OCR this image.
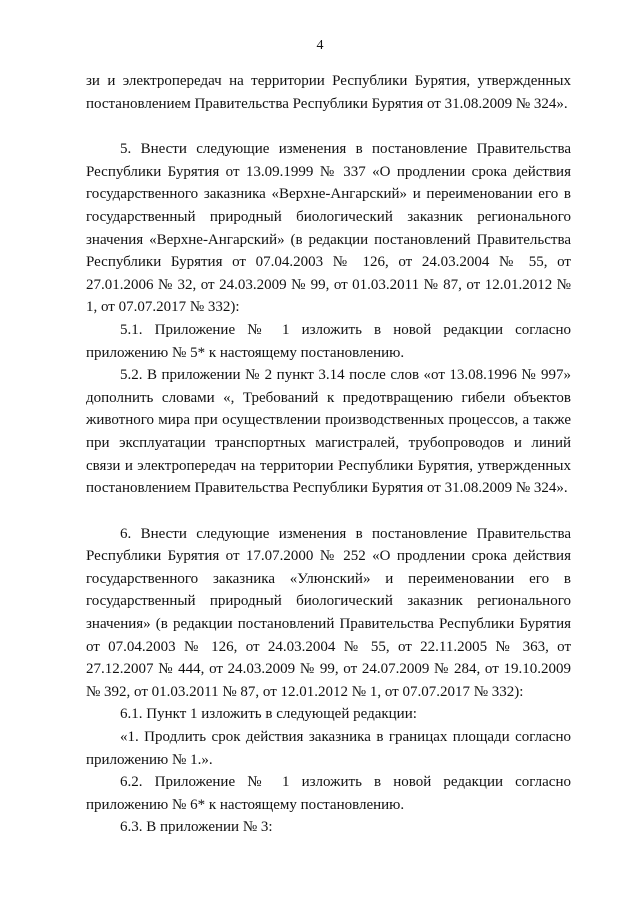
4

зи и электропередач на территории Республики Бурятия, утвержденных постановлением Правительства Республики Бурятия от 31.08.2009 № 324».

5. Внести следующие изменения в постановление Правительства Республики Бурятия от 13.09.1999 № 337 «О продлении срока действия государственного заказника «Верхне-Ангарский» и переименовании его в государственный природный биологический заказник регионального значения «Верхне-Ангарский» (в редакции постановлений Правительства Республики Бурятия от 07.04.2003 № 126, от 24.03.2004 № 55, от 27.01.2006 № 32, от 24.03.2009 № 99, от 01.03.2011 № 87, от 12.01.2012 № 1, от 07.07.2017 № 332):

5.1. Приложение № 1 изложить в новой редакции согласно приложению № 5* к настоящему постановлению.

5.2. В приложении № 2 пункт 3.14 после слов «от 13.08.1996 № 997» дополнить словами «, Требований к предотвращению гибели объектов животного мира при осуществлении производственных процессов, а также при эксплуатации транспортных магистралей, трубопроводов и линий связи и электропередач на территории Республики Бурятия, утвержденных постановлением Правительства Республики Бурятия от 31.08.2009 № 324».

6. Внести следующие изменения в постановление Правительства Республики Бурятия от 17.07.2000 № 252 «О продлении срока действия государственного заказника «Улюнский» и переименовании его в государственный природный биологический заказник регионального значения» (в редакции постановлений Правительства Республики Бурятия от 07.04.2003 № 126, от 24.03.2004 № 55, от 22.11.2005 № 363, от 27.12.2007 № 444, от 24.03.2009 № 99, от 24.07.2009 № 284, от 19.10.2009 № 392, от 01.03.2011 № 87, от 12.01.2012 № 1, от 07.07.2017 № 332):

6.1. Пункт 1 изложить в следующей редакции:

«1. Продлить срок действия заказника в границах площади согласно приложению № 1.».

6.2. Приложение № 1 изложить в новой редакции согласно приложению № 6* к настоящему постановлению.

6.3. В приложении № 3:
